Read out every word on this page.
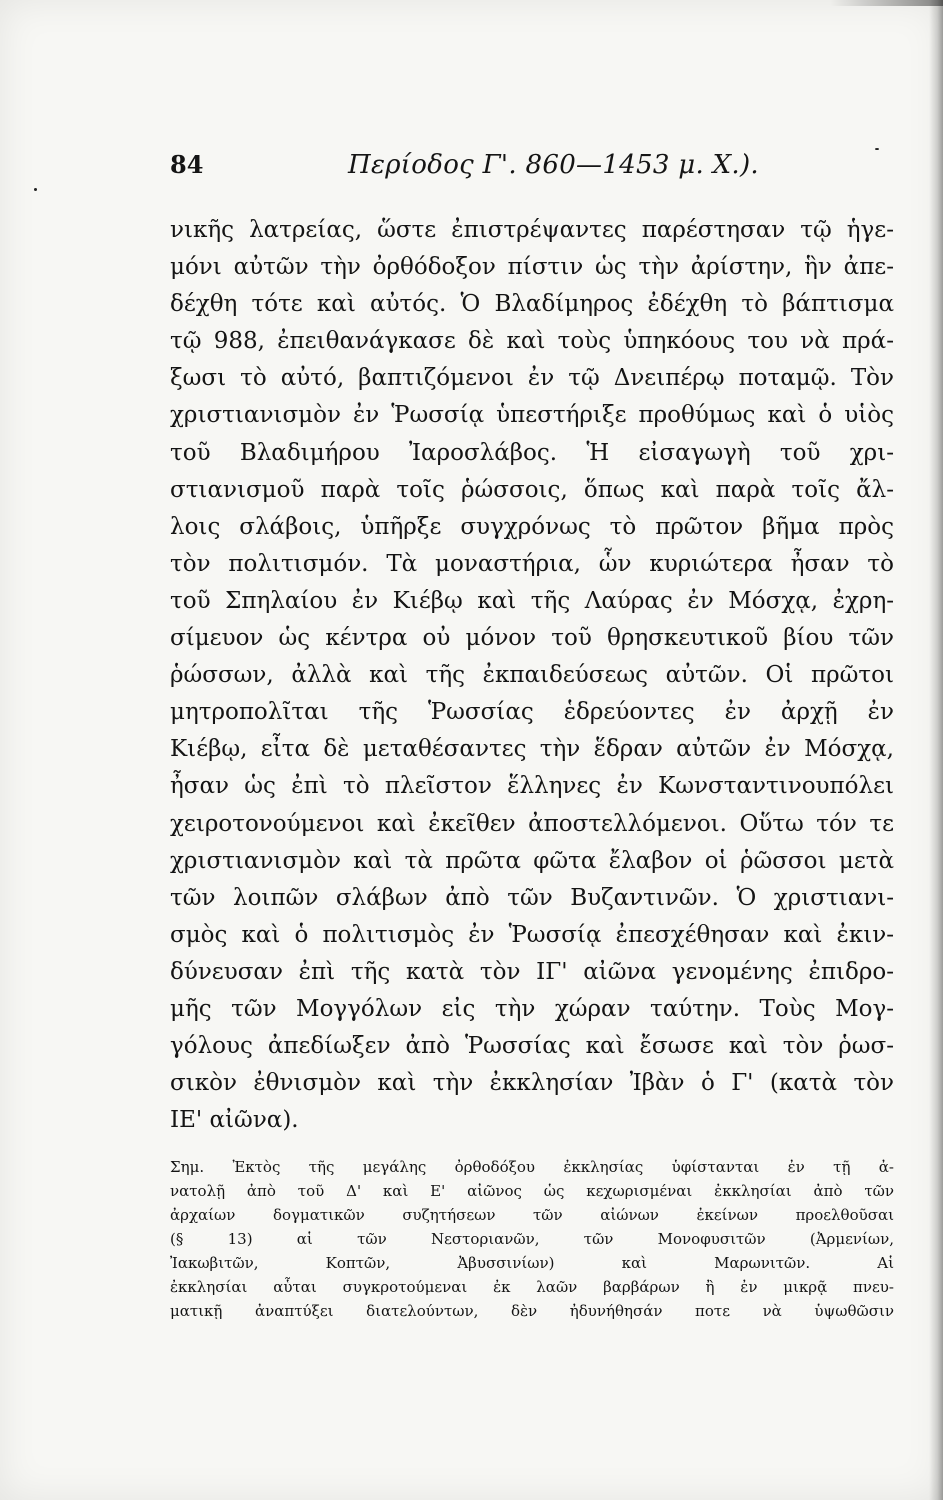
84	Περίοδος Γ'. 860—1453 μ. Χ.).
νικῆς λατρείας, ὥστε ἐπιστρέψαντες παρέστησαν τῷ ἡγε-
μόνι αὐτῶν τὴν ὀρθόδοξον πίστιν ὡς τὴν ἀρίστην, ἣν ἀπε-
δέχθη τότε καὶ αὐτός. Ὁ Βλαδίμηρος ἐδέχθη τὸ βάπτισμα
τῷ 988, ἐπειθανάγκασε δὲ καὶ τοὺς ὑπηκόους του νὰ πρά-
ξωσι τὸ αὐτό, βαπτιζόμενοι ἐν τῷ Δνειπέρῳ ποταμῷ. Τὸν
χριστιανισμὸν ἐν Ῥωσσίᾳ ὑπεστήριξε προθύμως καὶ ὁ υἱὸς
τοῦ Βλαδιμήρου Ἰαροσλάβος. Ἡ εἰσαγωγὴ τοῦ χρι-
στιανισμοῦ παρὰ τοῖς ῥώσσοις, ὅπως καὶ παρὰ τοῖς ἄλ-
λοις σλάβοις, ὑπῆρξε συγχρόνως τὸ πρῶτον βῆμα πρὸς
τὸν πολιτισμόν. Τὰ μοναστήρια, ὧν κυριώτερα ἦσαν τὸ
τοῦ Σπηλαίου ἐν Κιέβῳ καὶ τῆς Λαύρας ἐν Μόσχᾳ, ἐχρη-
σίμευον ὡς κέντρα οὐ μόνον τοῦ θρησκευτικοῦ βίου τῶν
ῥώσσων, ἀλλὰ καὶ τῆς ἐκπαιδεύσεως αὐτῶν. Οἱ πρῶτοι
μητροπολῖται τῆς Ῥωσσίας ἑδρεύοντες ἐν ἀρχῇ ἐν
Κιέβῳ, εἶτα δὲ μεταθέσαντες τὴν ἕδραν αὐτῶν ἐν Μόσχᾳ,
ἦσαν ὡς ἐπὶ τὸ πλεῖστον ἕλληνες ἐν Κωνσταντινουπόλει
χειροτονούμενοι καὶ ἐκεῖθεν ἀποστελλόμενοι. Οὕτω τόν τε
χριστιανισμὸν καὶ τὰ πρῶτα φῶτα ἔλαβον οἱ ῥῶσσοι μετὰ
τῶν λοιπῶν σλάβων ἀπὸ τῶν Βυζαντινῶν. Ὁ χριστιανι-
σμὸς καὶ ὁ πολιτισμὸς ἐν Ῥωσσίᾳ ἐπεσχέθησαν καὶ ἐκιν-
δύνευσαν ἐπὶ τῆς κατὰ τὸν ΙΓ' αἰῶνα γενομένης ἐπιδρο-
μῆς τῶν Μογγόλων εἰς τὴν χώραν ταύτην. Τοὺς Μογ-
γόλους ἀπεδίωξεν ἀπὸ Ῥωσσίας καὶ ἔσωσε καὶ τὸν ῥωσ-
σικὸν ἐθνισμὸν καὶ τὴν ἐκκλησίαν Ἰβὰν ὁ Γ' (κατὰ τὸν
ΙΕ' αἰῶνα).
Σημ. Ἐκτὸς τῆς μεγάλης ὀρθοδόξου ἐκκλησίας ὑφίστανται ἐν τῇ ἀ-
νατολῇ ἀπὸ τοῦ Δ' καὶ Ε' αἰῶνος ὡς κεχωρισμέναι ἐκκλησίαι ἀπὸ τῶν
ἀρχαίων δογματικῶν συζητήσεων τῶν αἰώνων ἐκείνων προελθοῦσαι
(§ 13) αἱ τῶν Νεστοριανῶν, τῶν Μονοφυσιτῶν (Ἀρμενίων,
Ἰακωβιτῶν, Κοπτῶν, Ἀβυσσινίων) καὶ Μαρωνιτῶν. Αἱ
ἐκκλησίαι αὗται συγκροτούμεναι ἐκ λαῶν βαρβάρων ἢ ἐν μικρᾷ πνευ-
ματικῇ ἀναπτύξει διατελούντων, δὲν ἠδυνήθησάν ποτε νὰ ὑψωθῶσιν
